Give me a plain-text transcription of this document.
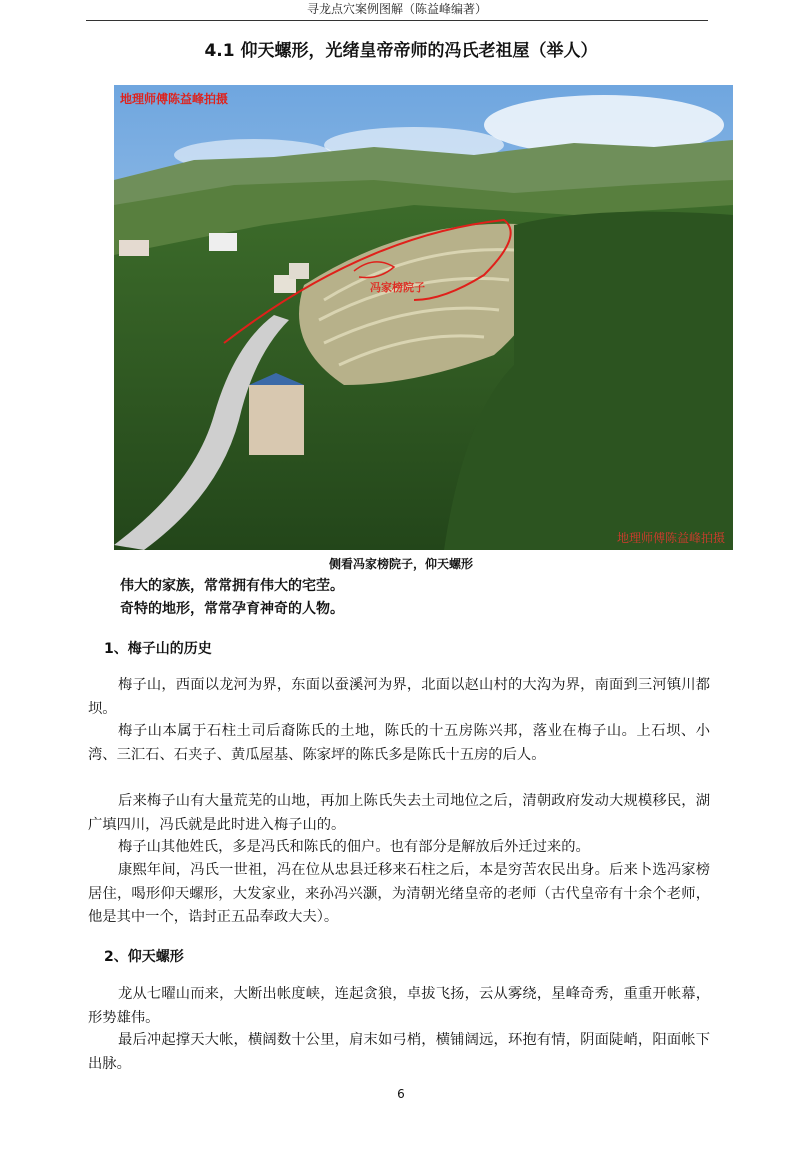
寻龙点穴案例图解（陈益峰编著）
4.1 仰天螺形，光绪皇帝帝师的冯氏老祖屋（举人）
地理师傅陈益峰拍摄
地理师傅陈益峰拍摄
冯家榜院子
侧看冯家榜院子，仰天螺形
伟大的家族，常常拥有伟大的宅茔。
奇特的地形，常常孕育神奇的人物。
1、梅子山的历史

梅子山，西面以龙河为界，东面以蚕溪河为界，北面以赵山村的大沟为界，南面到三河镇川都坝。

梅子山本属于石柱土司后裔陈氏的土地，陈氏的十五房陈兴邦，落业在梅子山。上石坝、小湾、三汇石、石夹子、黄瓜屋基、陈家坪的陈氏多是陈氏十五房的后人。

后来梅子山有大量荒芜的山地，再加上陈氏失去土司地位之后，清朝政府发动大规模移民，湖广填四川，冯氏就是此时进入梅子山的。

梅子山其他姓氏，多是冯氏和陈氏的佃户。也有部分是解放后外迁过来的。

康熙年间，冯氏一世祖，冯在位从忠县迁移来石柱之后，本是穷苦农民出身。后来卜选冯家榜居住，喝形仰天螺形，大发家业，来孙冯兴灏，为清朝光绪皇帝的老师（古代皇帝有十余个老师，他是其中一个，诰封正五品奉政大夫）。

2、仰天螺形

龙从七曜山而来，大断出帐度峡，连起贪狼，卓拔飞扬，云从雾绕，星峰奇秀，重重开帐幕，形势雄伟。

最后冲起撑天大帐，横阔数十公里，肩末如弓梢，横铺阔远，环抱有情，阴面陡峭，阳面帐下出脉。

6
